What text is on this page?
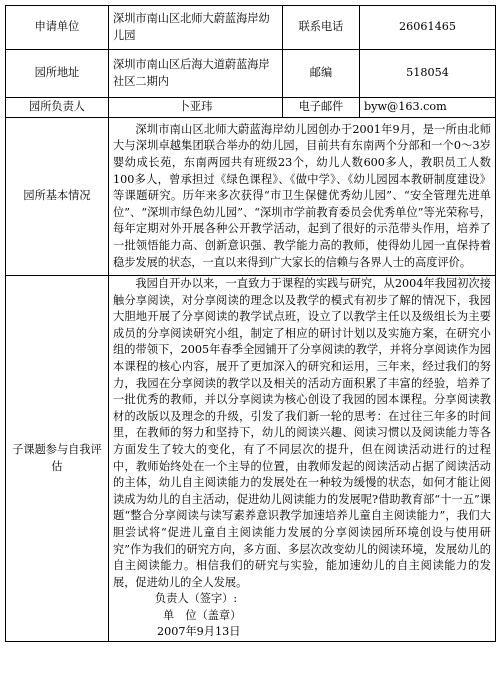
申请单位	深圳市南山区北师大蔚蓝海岸幼儿园	联系电话	26061465
园所地址	深圳市南山区后海大道蔚蓝海岸社区二期内	邮编	518054
园所负责人	卜亚玮	电子邮件	byw@163.com
园所基本情况	深圳市南山区北师大蔚蓝海岸幼儿园创办于2001年9月，是一所由北师大与深圳卓越集团联合举办的幼儿园，目前共有东南两个分部和一个0～3岁婴幼成长苑，东南两园共有班级23个，幼儿人数600多人，教职员工人数100多人，曾承担过《绿色课程》、《做中学》、《幼儿园园本教研制度建设》等课题研究。历年来多次获得“市卫生保健优秀幼儿园”、“安全管理先进单位”、“深圳市绿色幼儿园”、“深圳市学前教育委员会优秀单位”等光荣称号，每年定期对外开展各种公开教学活动，起到了很好的示范带头作用，培养了一批领悟能力高、创新意识强、教学能力高的教师，使得幼儿园一直保持着稳步发展的状态，一直以来得到广大家长的信赖与各界人士的高度评价。		

子课题参与自我评估	我园自开办以来，一直致力于课程的实践与研究，从2004年我园初次接触分享阅读，对分享阅读的理念以及教学的模式有初步了解的情况下，我园大胆地开展了分享阅读的教学试点班，设立了以教学主任以及级组长为主要成员的分享阅读研究小组，制定了相应的研讨计划以及实施方案，在研究小组的带领下，2005年春季全园铺开了分享阅读的教学，并将分享阅读作为园本课程的核心内容，展开了更加深入的研究和运用，三年来，经过我们的努力，我园在分享阅读的教学以及相关的活动方面积累了丰富的经验，培养了一批优秀的教师，并以分享阅读为核心创设了我园的园本课程。分享阅读教材的改版以及理念的升级，引发了我们新一轮的思考：在过往三年多的时间里，在教师的努力和坚持下，幼儿的阅读兴趣、阅读习惯以及阅读能力等各方面发生了较大的变化，有了不同层次的提升，但在阅读活动进行的过程中，教师始终处在一个主导的位置，由教师发起的阅读活动占据了阅读活动的主体，幼儿自主阅读能力的发展处在一种较为缓慢的状态，如何才能让阅读成为幼儿的自主活动，促进幼儿阅读能力的发展呢?借助教育部“十一五”课题“整合分享阅读与读写素养意识教学加速培养儿童自主阅读能力”，我们大胆尝试将“促进儿童自主阅读能力发展的分享阅读园所环境创设与使用研究”作为我们的研究方向，多方面、多层次改变幼儿的阅读环境，发展幼儿的自主阅读能力。相信我们的研究与实验，能加速幼儿的自主阅读能力的发展，促进幼儿的全人发展。

负责人（签字）:
单　位（盖章）
2007年9月13日		
